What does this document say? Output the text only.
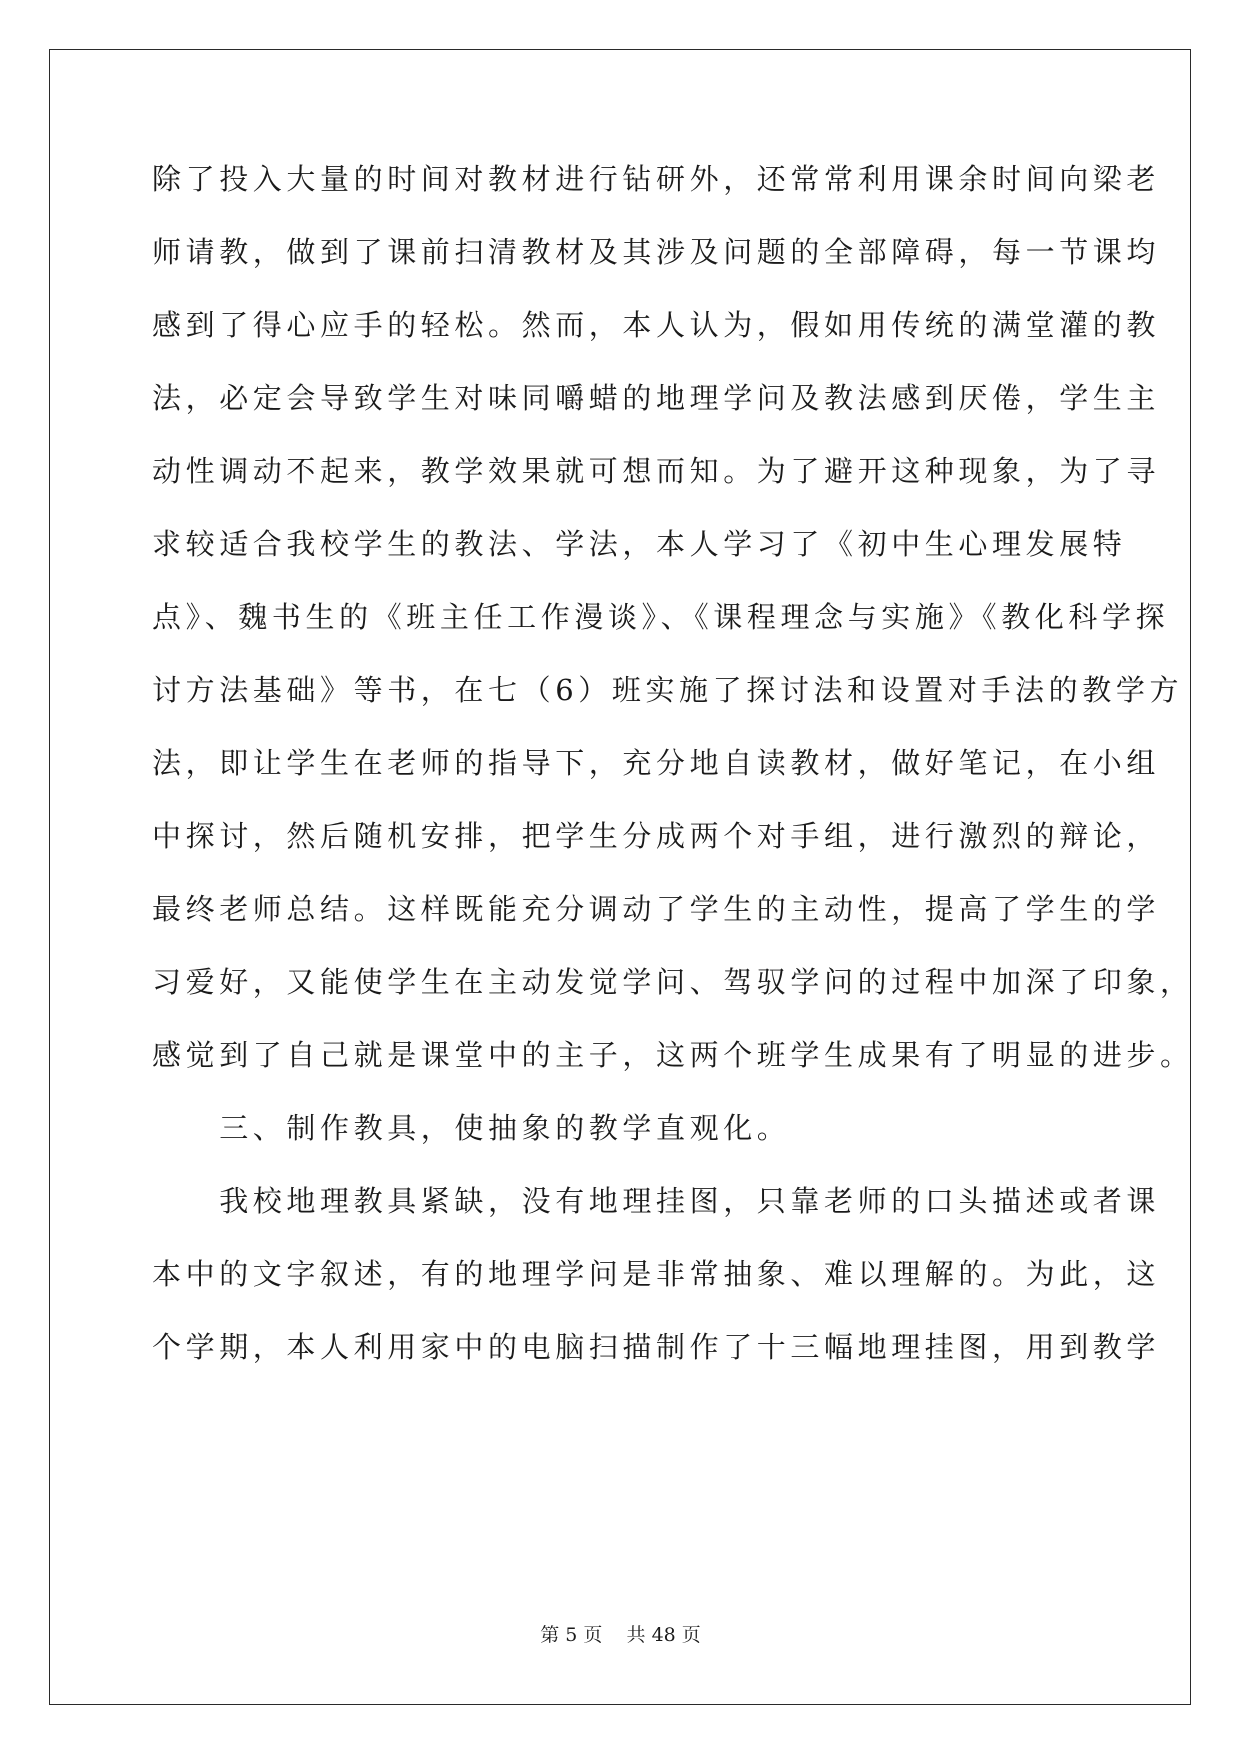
除了投入大量的时间对教材进行钻研外，还常常利用课余时间向梁老
师请教，做到了课前扫清教材及其涉及问题的全部障碍，每一节课均
感到了得心应手的轻松。然而，本人认为，假如用传统的满堂灌的教
法，必定会导致学生对味同嚼蜡的地理学问及教法感到厌倦，学生主
动性调动不起来，教学效果就可想而知。为了避开这种现象，为了寻
求较适合我校学生的教法、学法，本人学习了《初中生心理发展特
点》、魏书生的《班主任工作漫谈》、《课程理念与实施》《教化科学探
讨方法基础》等书，在七（6）班实施了探讨法和设置对手法的教学方
法，即让学生在老师的指导下，充分地自读教材，做好笔记，在小组
中探讨，然后随机安排，把学生分成两个对手组，进行激烈的辩论，
最终老师总结。这样既能充分调动了学生的主动性，提高了学生的学
习爱好，又能使学生在主动发觉学问、驾驭学问的过程中加深了印象，
感觉到了自己就是课堂中的主子，这两个班学生成果有了明显的进步。
　　三、制作教具，使抽象的教学直观化。
　　我校地理教具紧缺，没有地理挂图，只靠老师的口头描述或者课
本中的文字叙述，有的地理学问是非常抽象、难以理解的。为此，这
个学期，本人利用家中的电脑扫描制作了十三幅地理挂图，用到教学
第 5 页    共 48 页
